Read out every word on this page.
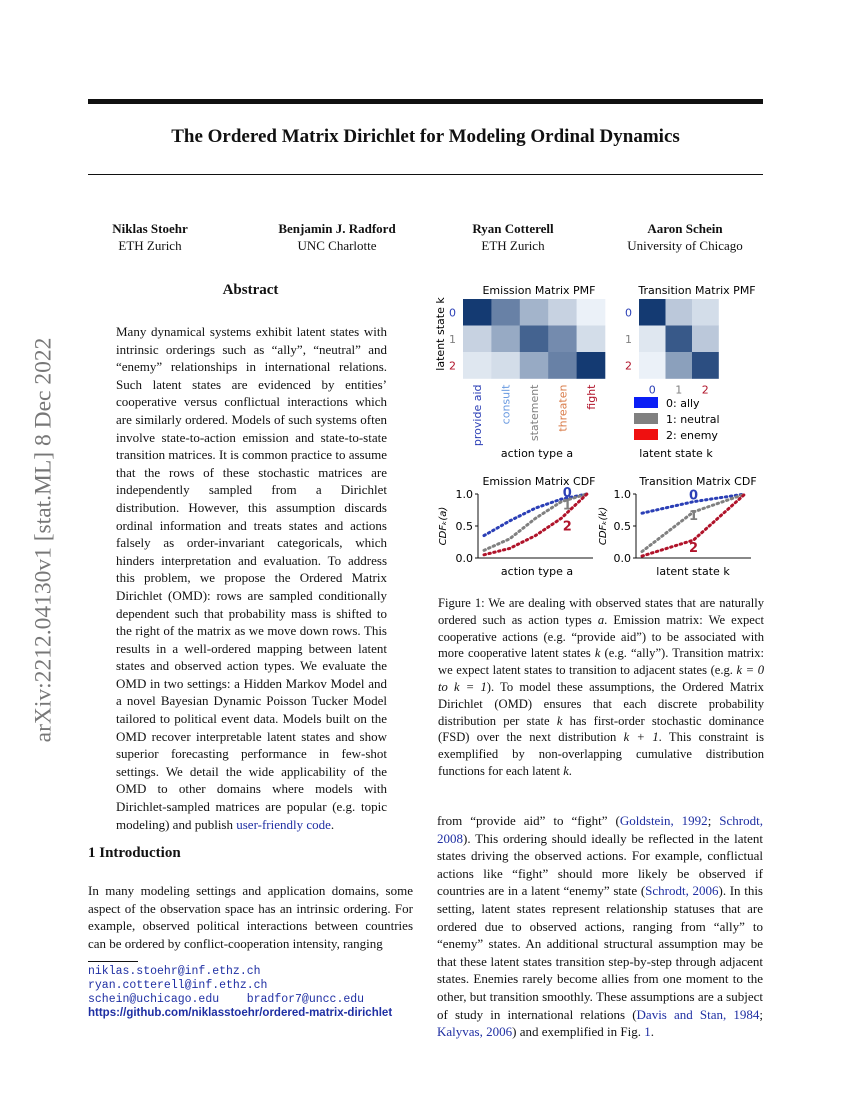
arXiv:2212.04130v1 [stat.ML] 8 Dec 2022
The Ordered Matrix Dirichlet for Modeling Ordinal Dynamics
Niklas Stoehr
ETH Zurich
Benjamin J. Radford
UNC Charlotte
Ryan Cotterell
ETH Zurich
Aaron Schein
University of Chicago
Abstract
Many dynamical systems exhibit latent states with intrinsic orderings such as “ally”, “neutral” and “enemy” relationships in international relations. Such latent states are evidenced by entities’ cooperative versus conflictual interactions which are similarly ordered. Models of such systems often involve state-to-action emission and state-to-state transition matrices. It is common practice to assume that the rows of these stochastic matrices are independently sampled from a Dirichlet distribution. However, this assumption discards ordinal information and treats states and actions falsely as order-invariant categoricals, which hinders interpretation and evaluation. To address this problem, we propose the Ordered Matrix Dirichlet (OMD): rows are sampled conditionally dependent such that probability mass is shifted to the right of the matrix as we move down rows. This results in a well-ordered mapping between latent states and observed action types. We evaluate the OMD in two settings: a Hidden Markov Model and a novel Bayesian Dynamic Poisson Tucker Model tailored to political event data. Models built on the OMD recover interpretable latent states and show superior forecasting performance in few-shot settings. We detail the wide applicability of the OMD to other domains where models with Dirichlet-sampled matrices are popular (e.g. topic modeling) and publish user-friendly code.
1 Introduction
In many modeling settings and application domains, some aspect of the observation space has an intrinsic ordering. For example, observed political interactions between countries can be ordered by conflict-cooperation intensity, ranging
niklas.stoehr@inf.ethz.ch
ryan.cotterell@inf.ethz.ch
schein@uchicago.edu    bradfor7@uncc.edu
https://github.com/niklasstoehr/ordered-matrix-dirichlet
Emission Matrix PMF
0
1
2
provide aid consult statement threaten fight
latent state k
action type a
Transition Matrix PMF
0
1
2
0 1 2
latent state k
0: ally
1: neutral
2: enemy
Emission Matrix CDF
0.0
0.5
1.0	0
1
2
CDFₖ(a)
action type a
Transition Matrix CDF
0.0
0.5
1.0	0
1
2
CDFₖ(k)
latent state k
Figure 1: We are dealing with observed states that are naturally ordered such as action types a. Emission matrix: We expect cooperative actions (e.g. “provide aid”) to be associated with more cooperative latent states k (e.g. “ally”). Transition matrix: we expect latent states to transition to adjacent states (e.g. k = 0 to k = 1). To model these assumptions, the Ordered Matrix Dirichlet (OMD) ensures that each discrete probability distribution per state k has first-order stochastic dominance (FSD) over the next distribution k + 1. This constraint is exemplified by non-overlapping cumulative distribution functions for each latent k.
from “provide aid” to “fight” (Goldstein, 1992; Schrodt, 2008). This ordering should ideally be reflected in the latent states driving the observed actions. For example, conflictual actions like “fight” should more likely be observed if countries are in a latent “enemy” state (Schrodt, 2006). In this setting, latent states represent relationship statuses that are ordered due to observed actions, ranging from “ally” to “enemy” states. An additional structural assumption may be that these latent states transition step-by-step through adjacent states. Enemies rarely become allies from one moment to the other, but transition smoothly. These assumptions are a subject of study in international relations (Davis and Stan, 1984; Kalyvas, 2006) and exemplified in Fig. 1.
